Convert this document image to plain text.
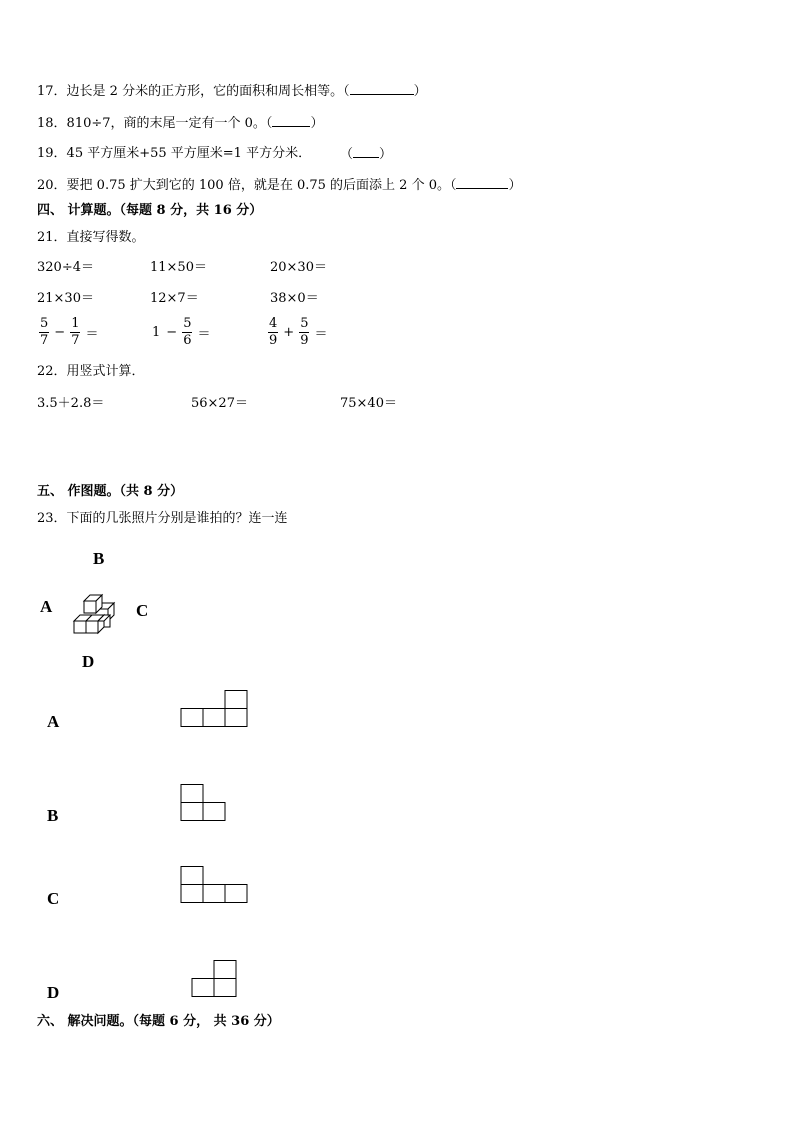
17．边长是 2 分米的正方形，它的面积和周长相等。（	）
18．810÷7，商的末尾一定有一个 0。（	）
19．45 平方厘米+55 平方厘米=1 平方分米． （ ）
20．要把 0.75 扩大到它的 100 倍，就是在 0.75 的后面添上 2 个 0。（	）
四、 计算题。（每题 8 分，共 16 分）
21．直接写得数。
320÷4＝	11×50＝	20×30＝
21×30＝	12×7＝	38×0＝
$\frac{5}{7} - \frac{1}{7}$ ＝	$1 - \frac{5}{6}$ ＝	$\frac{4}{9} + \frac{5}{9}$ ＝
22．用竖式计算．
3.5＋2.8＝	56×27＝	75×40＝
五、 作图题。（共 8 分）
23．下面的几张照片分别是谁拍的？连一连
B
A	C
D
A
B
C
D
六、 解决问题。（每题 6 分， 共 36 分）
